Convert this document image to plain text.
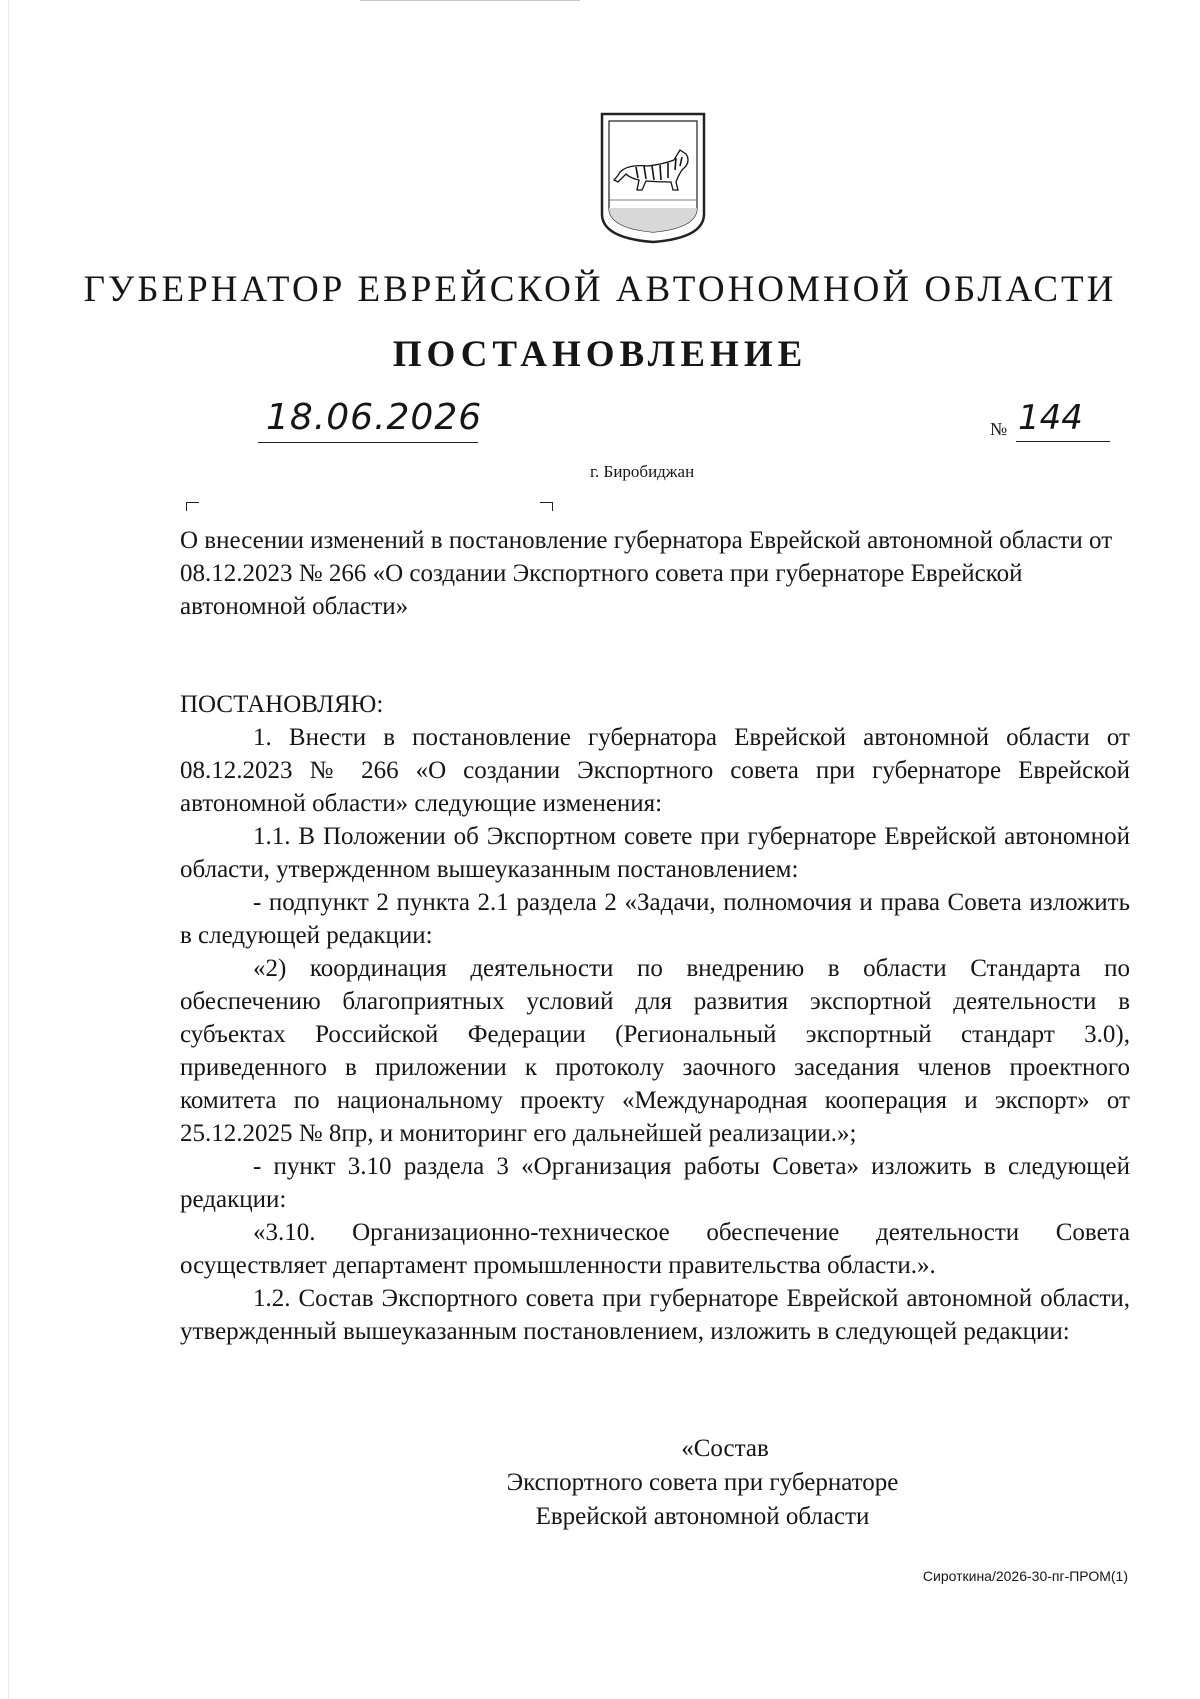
ГУБЕРНАТОР ЕВРЕЙСКОЙ АВТОНОМНОЙ ОБЛАСТИ
ПОСТАНОВЛЕНИЕ
18.06.2026	№ 144
г. Биробиджан

О внесении изменений в постановление губернатора Еврейской автономной области от 08.12.2023 № 266 «О создании Экспортного совета при губернаторе Еврейской автономной области»

ПОСТАНОВЛЯЮ:

1. Внести в постановление губернатора Еврейской автономной области от 08.12.2023 № 266 «О создании Экспортного совета при губернаторе Еврейской автономной области» следующие изменения:

1.1. В Положении об Экспортном совете при губернаторе Еврейской автономной области, утвержденном вышеуказанным постановлением:

- подпункт 2 пункта 2.1 раздела 2 «Задачи, полномочия и права Совета изложить в следующей редакции:

«2) координация деятельности по внедрению в области Стандарта по обеспечению благоприятных условий для развития экспортной деятельности в субъектах Российской Федерации (Региональный экспортный стандарт 3.0), приведенного в приложении к протоколу заочного заседания членов проектного комитета по национальному проекту «Международная кооперация и экспорт» от 25.12.2025 № 8пр, и мониторинг его дальнейшей реализации.»;

- пункт 3.10 раздела 3 «Организация работы Совета» изложить в следующей редакции:

«3.10. Организационно-техническое обеспечение деятельности Совета осуществляет департамент промышленности правительства области.».

1.2. Состав Экспортного совета при губернаторе Еврейской автономной области, утвержденный вышеуказанным постановлением, изложить в следующей редакции:

«Состав
Экспортного совета при губернаторе
Еврейской автономной области
Сироткина/2026-30-пг-ПРОМ(1)
